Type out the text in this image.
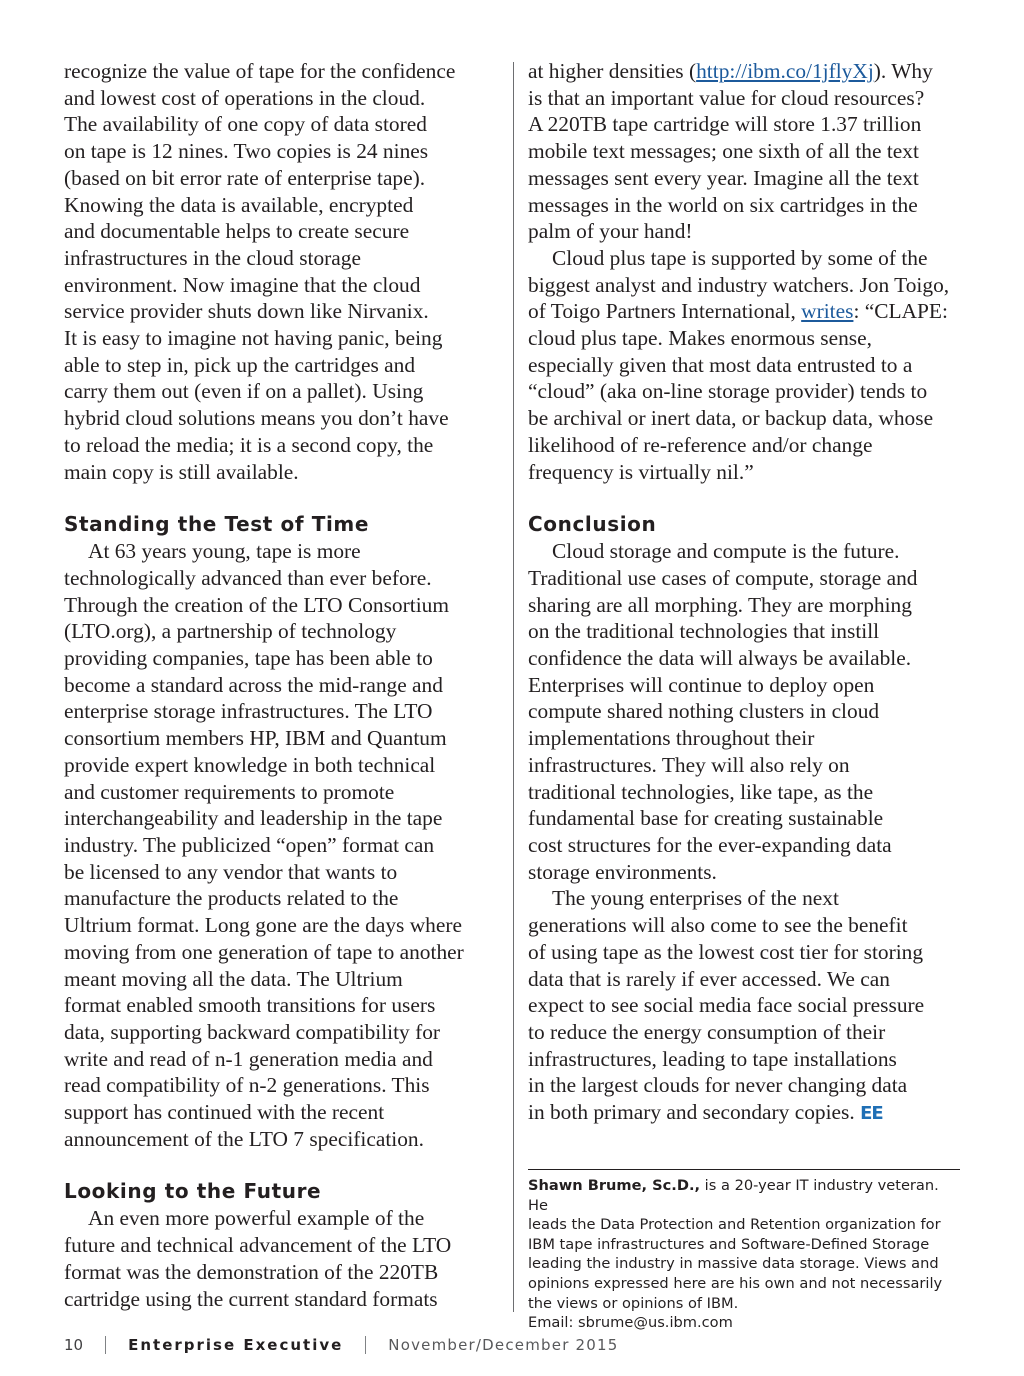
recognize the value of tape for the confidence
and lowest cost of operations in the cloud.
The availability of one copy of data stored
on tape is 12 nines. Two copies is 24 nines
(based on bit error rate of enterprise tape).
Knowing the data is available, encrypted
and documentable helps to create secure
infrastructures in the cloud storage
environment. Now imagine that the cloud
service provider shuts down like Nirvanix.
It is easy to imagine not having panic, being
able to step in, pick up the cartridges and
carry them out (even if on a pallet). Using
hybrid cloud solutions means you don’t have
to reload the media; it is a second copy, the
main copy is still available.

Standing the Test of Time

At 63 years young, tape is more
technologically advanced than ever before.
Through the creation of the LTO Consortium
(LTO.org), a partnership of technology
providing companies, tape has been able to
become a standard across the mid-range and
enterprise storage infrastructures. The LTO
consortium members HP, IBM and Quantum
provide expert knowledge in both technical
and customer requirements to promote
interchangeability and leadership in the tape
industry. The publicized “open” format can
be licensed to any vendor that wants to
manufacture the products related to the
Ultrium format. Long gone are the days where
moving from one generation of tape to another
meant moving all the data. The Ultrium
format enabled smooth transitions for users
data, supporting backward compatibility for
write and read of n-1 generation media and
read compatibility of n-2 generations. This
support has continued with the recent
announcement of the LTO 7 specification.

Looking to the Future

An even more powerful example of the
future and technical advancement of the LTO
format was the demonstration of the 220TB
cartridge using the current standard formats

at higher densities (http://ibm.co/1jflyXj). Why
is that an important value for cloud resources?
A 220TB tape cartridge will store 1.37 trillion
mobile text messages; one sixth of all the text
messages sent every year. Imagine all the text
messages in the world on six cartridges in the
palm of your hand!

Cloud plus tape is supported by some of the
biggest analyst and industry watchers. Jon Toigo,
of Toigo Partners International, writes: “CLAPE:
cloud plus tape. Makes enormous sense,
especially given that most data entrusted to a
“cloud” (aka on-line storage provider) tends to
be archival or inert data, or backup data, whose
likelihood of re-reference and/or change
frequency is virtually nil.”

Conclusion

Cloud storage and compute is the future.
Traditional use cases of compute, storage and
sharing are all morphing. They are morphing
on the traditional technologies that instill
confidence the data will always be available.
Enterprises will continue to deploy open
compute shared nothing clusters in cloud
implementations throughout their
infrastructures. They will also rely on
traditional technologies, like tape, as the
fundamental base for creating sustainable
cost structures for the ever-expanding data
storage environments.

The young enterprises of the next
generations will also come to see the benefit
of using tape as the lowest cost tier for storing
data that is rarely if ever accessed. We can
expect to see social media face social pressure
to reduce the energy consumption of their
infrastructures, leading to tape installations
in the largest clouds for never changing data
in both primary and secondary copies. EE

Shawn Brume, Sc.D., is a 20-year IT industry veteran. He
leads the Data Protection and Retention organization for
IBM tape infrastructures and Software-Defined Storage
leading the industry in massive data storage. Views and
opinions expressed here are his own and not necessarily
the views or opinions of IBM.
Email: sbrume@us.ibm.com

10	Enterprise Executive	November/December 2015
